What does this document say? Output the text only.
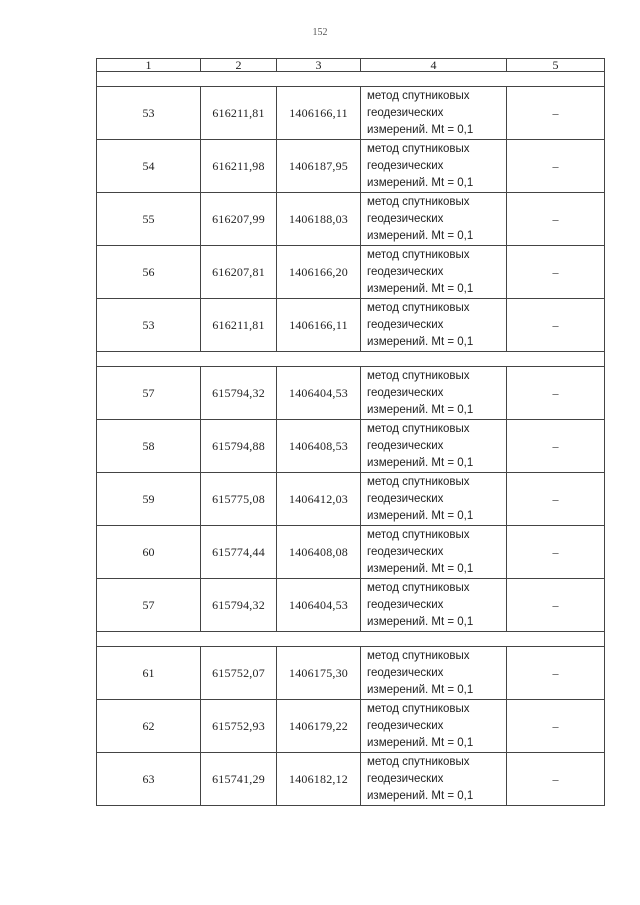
152
1	2	3	4	5

53	616211,81	1406166,11	метод спутниковых
геодезических
измерений. Mt = 0,1	–
54	616211,98	1406187,95	метод спутниковых
геодезических
измерений. Mt = 0,1	–
55	616207,99	1406188,03	метод спутниковых
геодезических
измерений. Mt = 0,1	–
56	616207,81	1406166,20	метод спутниковых
геодезических
измерений. Mt = 0,1	–
53	616211,81	1406166,11	метод спутниковых
геодезических
измерений. Mt = 0,1	–

57	615794,32	1406404,53	метод спутниковых
геодезических
измерений. Mt = 0,1	–
58	615794,88	1406408,53	метод спутниковых
геодезических
измерений. Mt = 0,1	–
59	615775,08	1406412,03	метод спутниковых
геодезических
измерений. Mt = 0,1	–
60	615774,44	1406408,08	метод спутниковых
геодезических
измерений. Mt = 0,1	–
57	615794,32	1406404,53	метод спутниковых
геодезических
измерений. Mt = 0,1	–

61	615752,07	1406175,30	метод спутниковых
геодезических
измерений. Mt = 0,1	–
62	615752,93	1406179,22	метод спутниковых
геодезических
измерений. Mt = 0,1	–
63	615741,29	1406182,12	метод спутниковых
геодезических
измерений. Mt = 0,1	–
